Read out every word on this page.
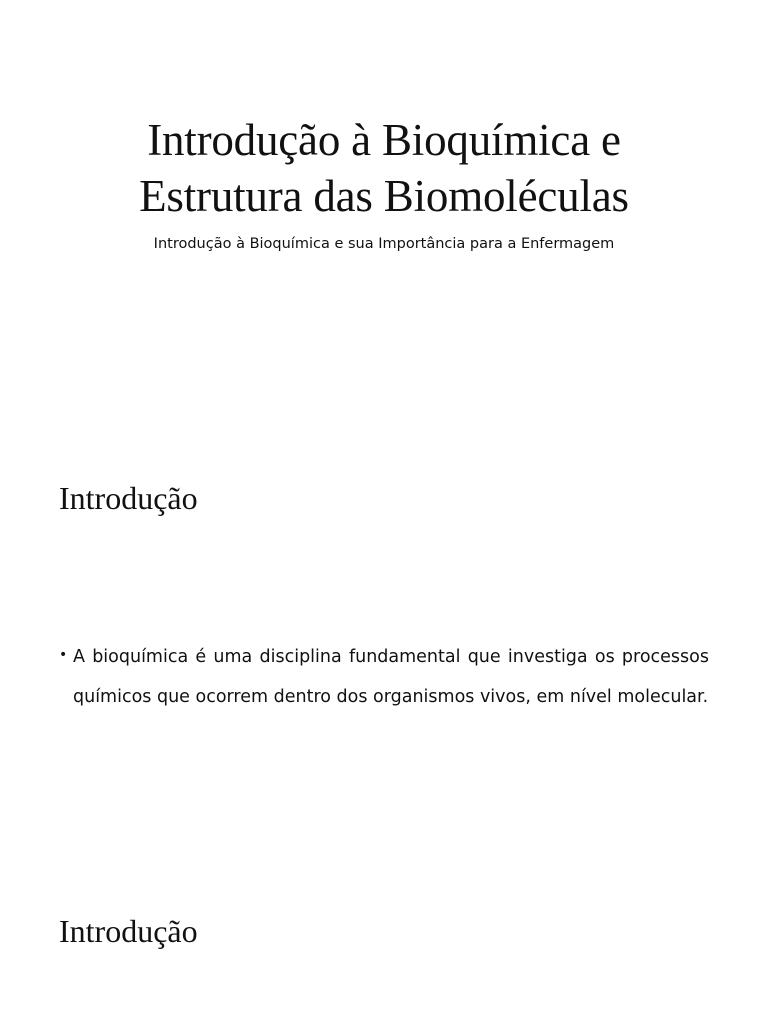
Introdução à Bioquímica e
Estrutura das Biomoléculas

Introdução à Bioquímica e sua Importância para a Enfermagem

Introdução
• A bioquímica é uma disciplina fundamental que investiga os processos químicos que ocorrem dentro dos organismos vivos, em nível molecular.

Introdução
